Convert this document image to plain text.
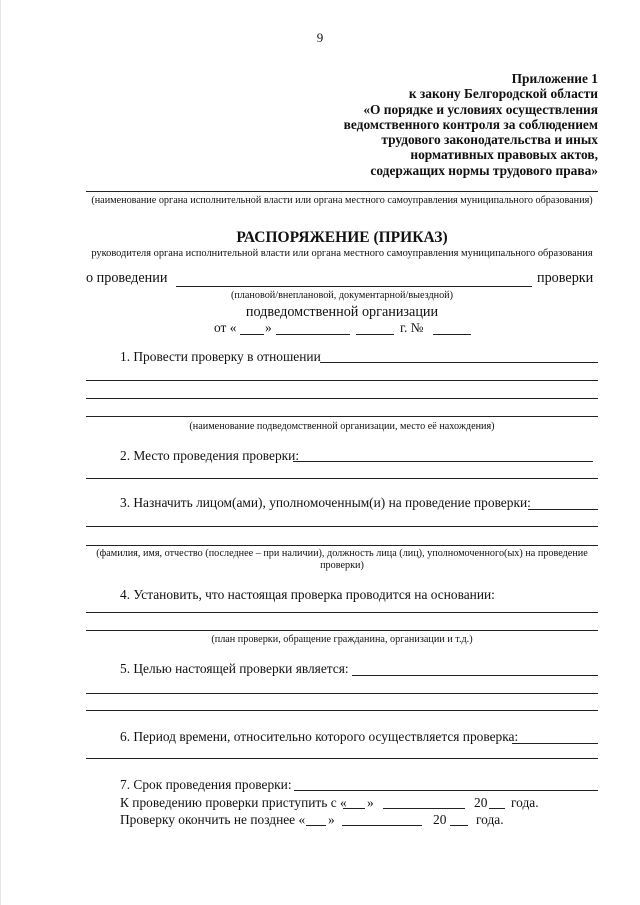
9
Приложение 1
к закону Белгородской области
«О порядке и условиях осуществления
ведомственного контроля за соблюдением
трудового законодательства и иных
нормативных правовых актов,
содержащих нормы трудового права»
(наименование органа исполнительной власти или органа местного самоуправления муниципального образования)
РАСПОРЯЖЕНИЕ (ПРИКАЗ)
руководителя органа исполнительной власти или органа местного самоуправления муниципального образования
о проведении	проверки
(плановой/внеплановой, документарной/выездной)
подведомственной организации
от « »	г. №
1. Провести проверку в отношении
(наименование подведомственной организации, место её нахождения)
2. Место проведения проверки:
3. Назначить лицом(ами), уполномоченным(и) на проведение проверки:
(фамилия, имя, отчество (последнее – при наличии), должность лица (лиц), уполномоченного(ых) на проведение проверки)
4. Установить, что настоящая проверка проводится на основании:
(план проверки, обращение гражданина, организации и т.д.)
5. Целью настоящей проверки является:
6. Период времени, относительно которого осуществляется проверка:
7. Срок проведения проверки:
К проведению проверки приступить с « »	20 года.
Проверку окончить не позднее « »	20 года.
